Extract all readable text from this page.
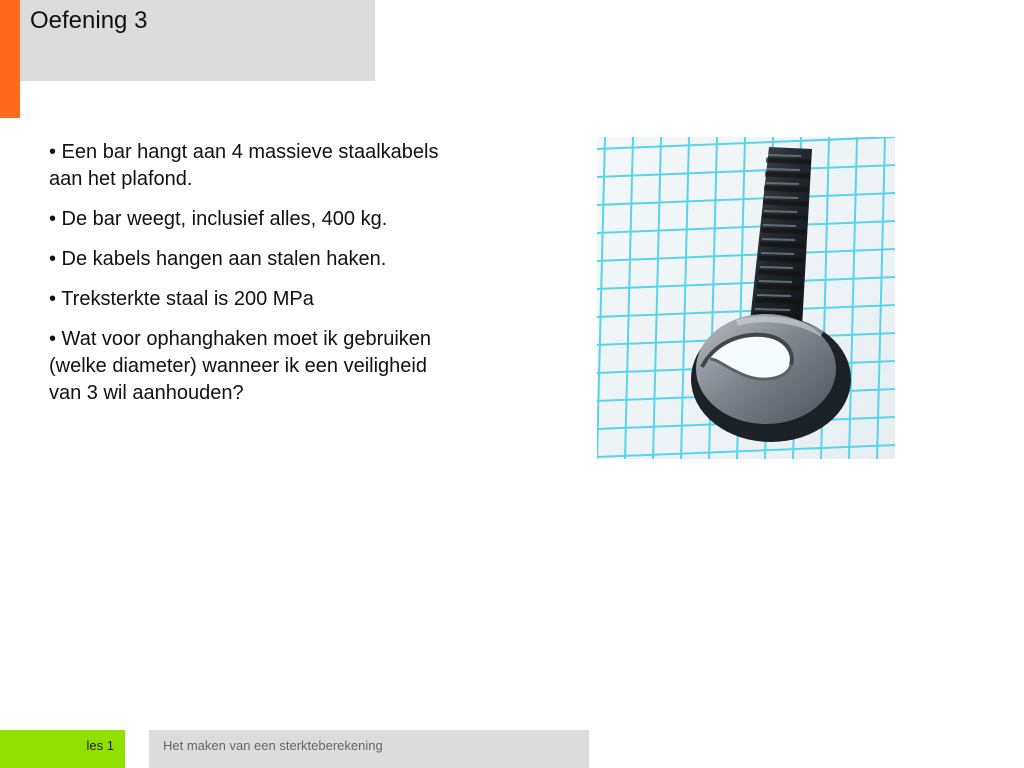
Oefening 3
• Een bar hangt aan 4 massieve staalkabels aan het plafond.
• De bar weegt, inclusief alles, 400 kg.
• De kabels hangen aan stalen haken.
• Treksterkte staal is 200 MPa
• Wat voor ophanghaken moet ik gebruiken (welke diameter) wanneer ik een veiligheid van 3 wil aanhouden?
les 1	Het maken van een sterkteberekening
